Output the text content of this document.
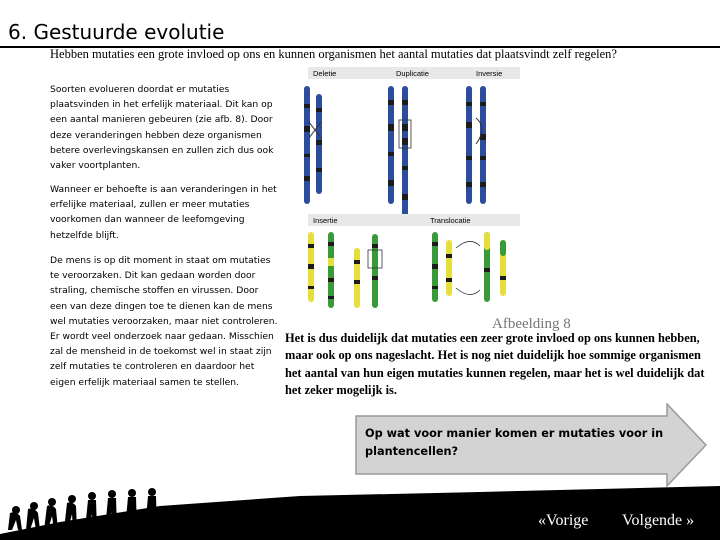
6. Gestuurde evolutie
Hebben mutaties een grote invloed op ons en kunnen organismen het aantal mutaties dat plaatsvindt zelf regelen?
Soorten evolueren doordat er mutaties plaatsvinden in het erfelijk materiaal. Dit kan op een aantal manieren gebeuren (zie afb. 8). Door deze veranderingen hebben deze organismen betere overlevingskansen en zullen zich dus ook vaker voortplanten.
Wanneer er behoefte is aan veranderingen in het erfelijke materiaal, zullen er meer mutaties voorkomen dan wanneer de leefomgeving hetzelfde blijft.
De mens is op dit moment in staat om mutaties te veroorzaken. Dit kan gedaan worden door straling, chemische stoffen en virussen. Door een van deze dingen toe te dienen kan de mens wel mutaties veroorzaken, maar niet controleren. Er wordt veel onderzoek naar gedaan. Misschien zal de mensheid in de toekomst wel in staat zijn zelf mutaties te controleren en daardoor het eigen erfelijk materiaal samen te stellen.
Deletie	Duplicatie	Inversie
Insertie	Translocatie
Afbeelding 8
Het is dus duidelijk dat mutaties een zeer grote invloed op ons kunnen hebben, maar ook op ons nageslacht. Het is nog niet duidelijk hoe sommige organismen het aantal van hun eigen mutaties kunnen regelen, maar het is wel duidelijk dat het zeker mogelijk is.
Op wat voor manier komen er mutaties voor in plantencellen?
«Vorige Volgende »
